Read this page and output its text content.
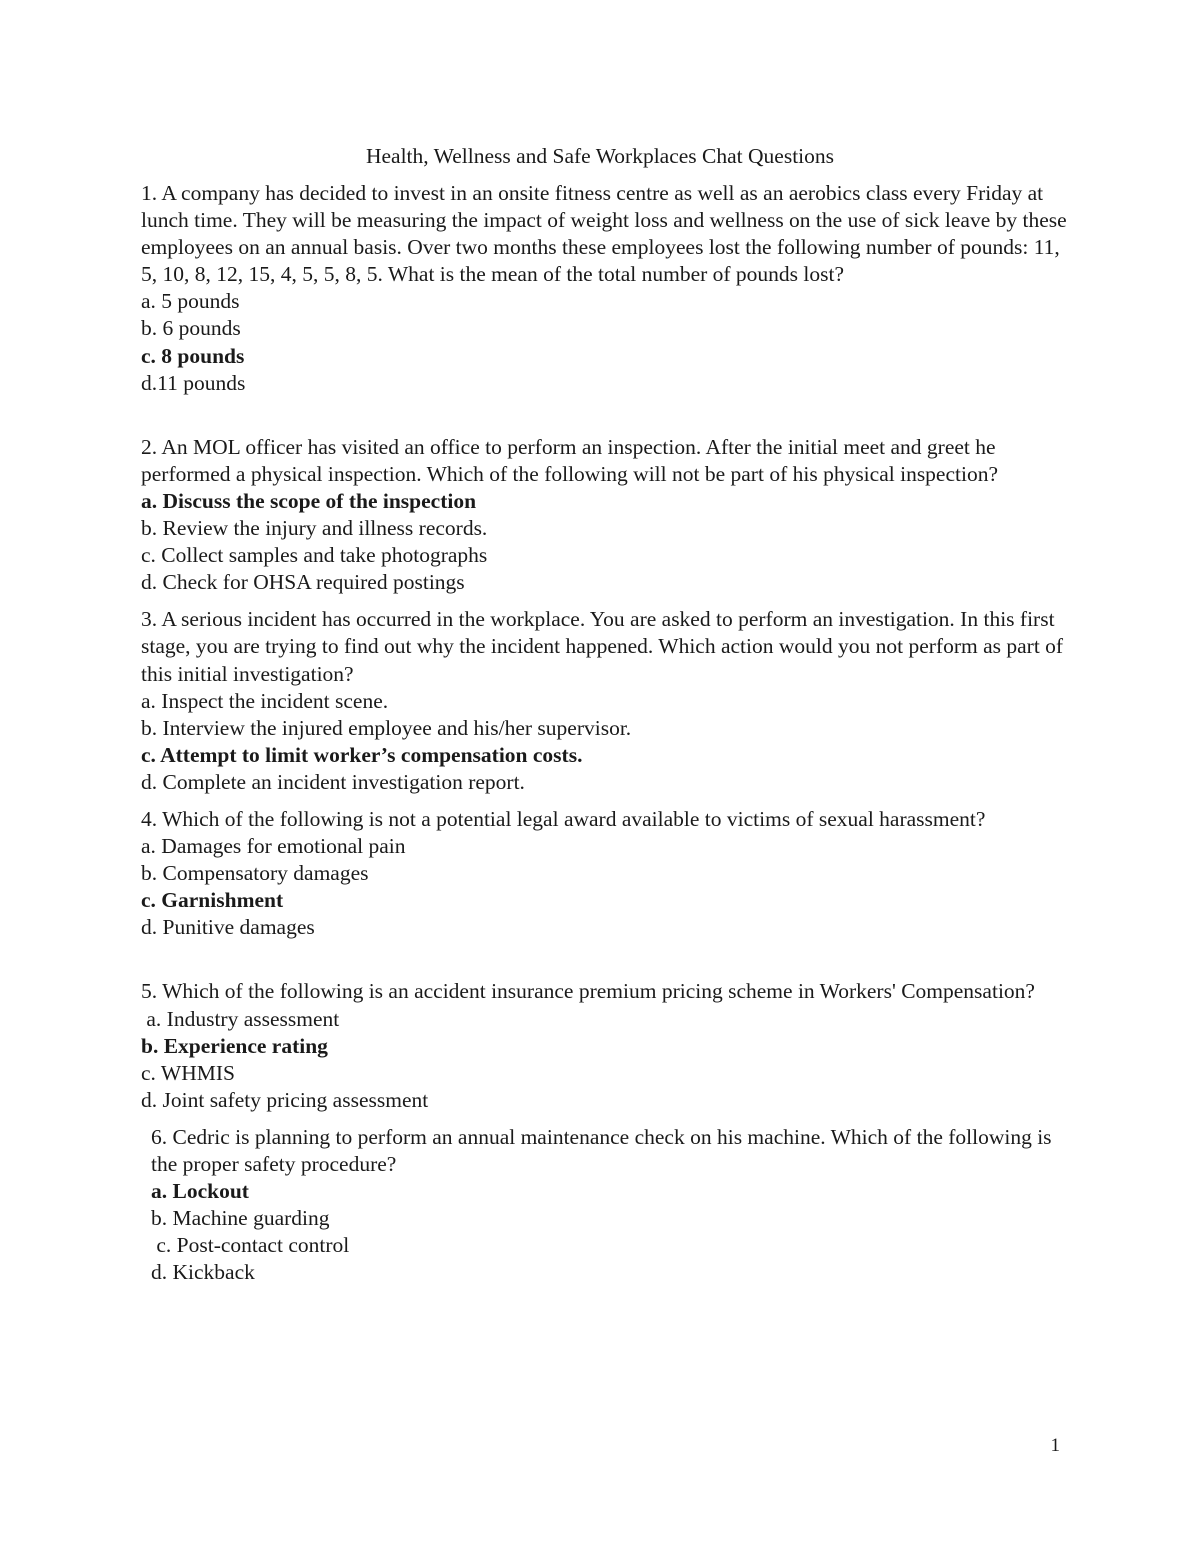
Health, Wellness and Safe Workplaces Chat Questions

1. A company has decided to invest in an onsite fitness centre as well as an aerobics class every Friday at lunch time. They will be measuring the impact of weight loss and wellness on the use of sick leave by these employees on an annual basis. Over two months these employees lost the following number of pounds: 11, 5, 10, 8, 12, 15, 4, 5, 5, 8, 5. What is the mean of the total number of pounds lost?

a. 5 pounds

b. 6 pounds

c. 8 pounds

d.11 pounds

2. An MOL officer has visited an office to perform an inspection. After the initial meet and greet he performed a physical inspection. Which of the following will not be part of his physical inspection?

a. Discuss the scope of the inspection

b. Review the injury and illness records.

c. Collect samples and take photographs

d. Check for OHSA required postings

3. A serious incident has occurred in the workplace. You are asked to perform an investigation. In this first stage, you are trying to find out why the incident happened. Which action would you not perform as part of this initial investigation?

a. Inspect the incident scene.

b. Interview the injured employee and his/her supervisor.

c. Attempt to limit worker’s compensation costs.

d. Complete an incident investigation report.

4. Which of the following is not a potential legal award available to victims of sexual harassment?

a. Damages for emotional pain

b. Compensatory damages

c. Garnishment

d. Punitive damages

5. Which of the following is an accident insurance premium pricing scheme in Workers' Compensation?

a. Industry assessment

b. Experience rating

c. WHMIS

d. Joint safety pricing assessment

6. Cedric is planning to perform an annual maintenance check on his machine. Which of the following is the proper safety procedure?

a. Lockout

b. Machine guarding

c. Post-contact control

d. Kickback

1
